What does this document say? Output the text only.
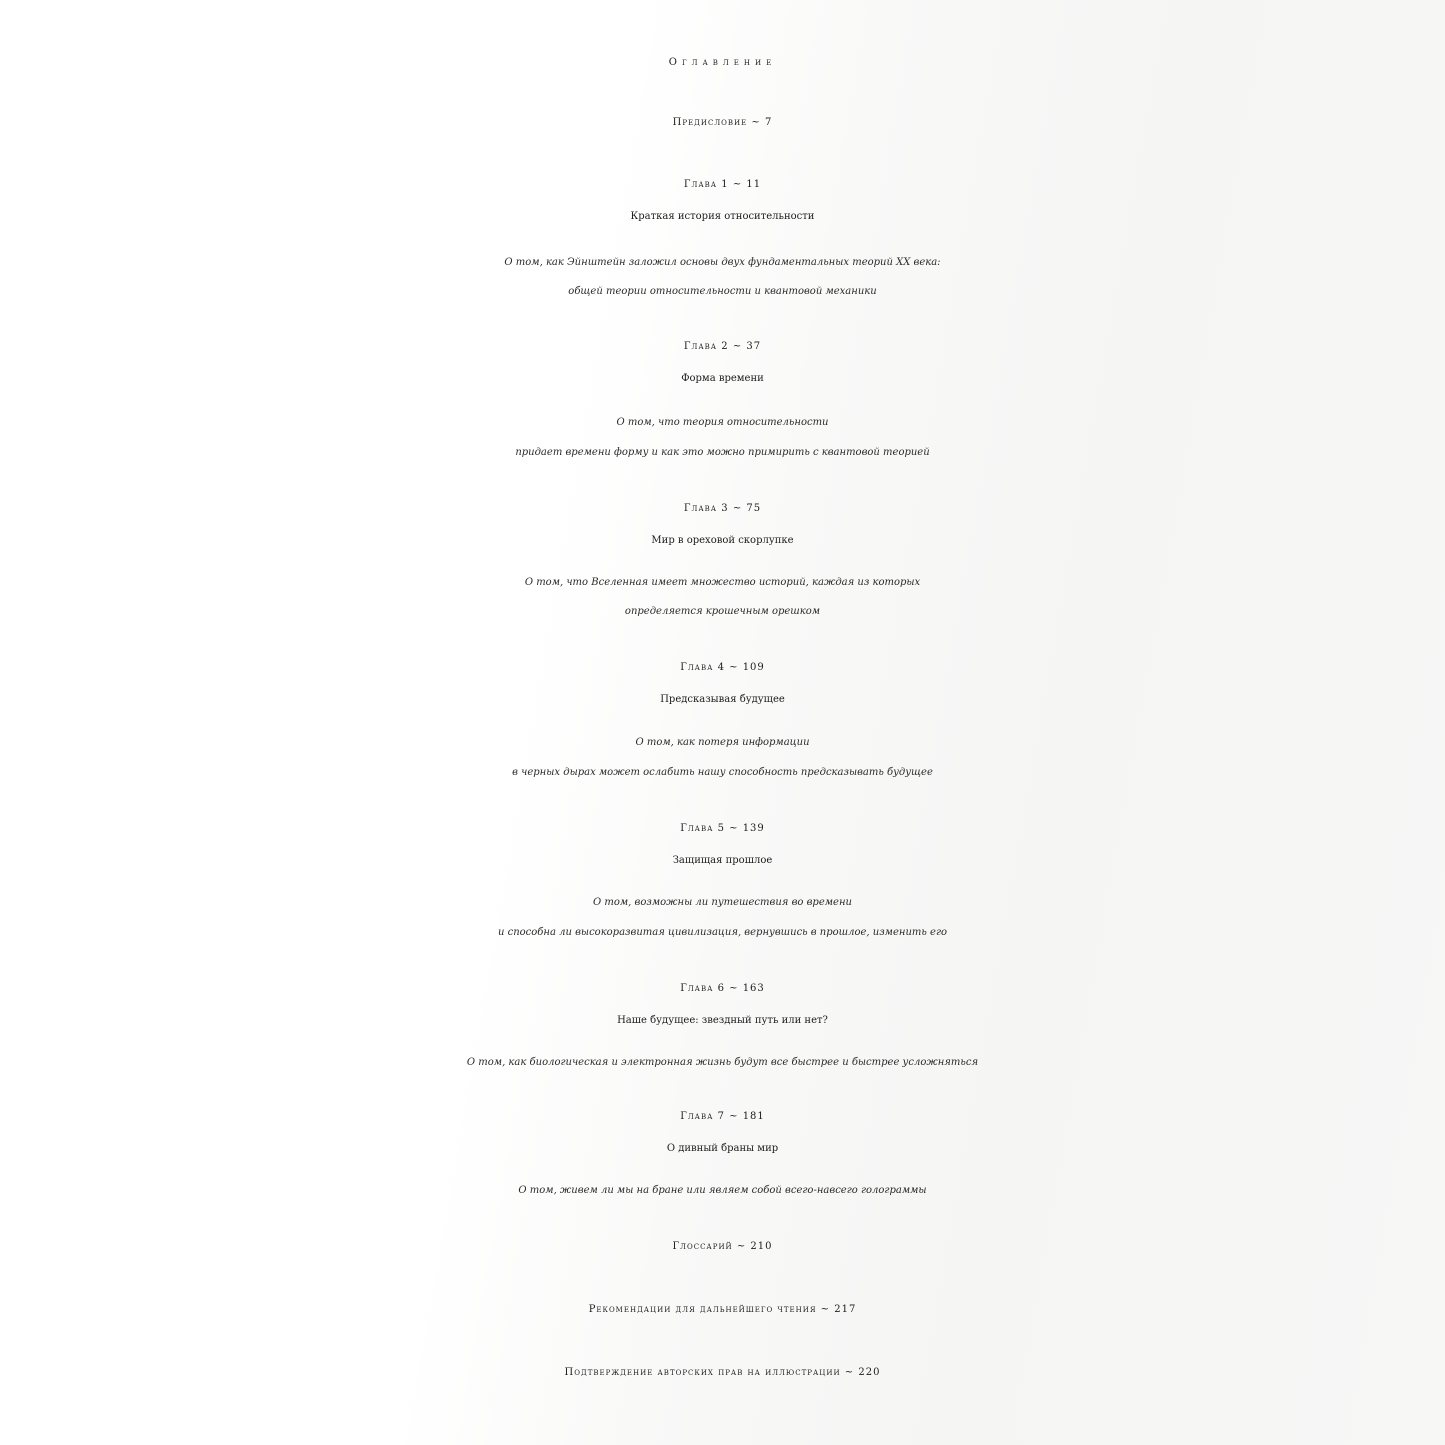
Оглавление
Предисловие ~ 7
Глава 1 ~ 11
Краткая история относительности
О том, как Эйнштейн заложил основы двух фундаментальных теорий XX века:
общей теории относительности и квантовой механики
Глава 2 ~ 37
Форма времени
О том, что теория относительности
придает времени форму и как это можно примирить с квантовой теорией
Глава 3 ~ 75
Мир в ореховой скорлупке
О том, что Вселенная имеет множество историй, каждая из которых
определяется крошечным орешком
Глава 4 ~ 109
Предсказывая будущее
О том, как потеря информации
в черных дырах может ослабить нашу способность предсказывать будущее
Глава 5 ~ 139
Защищая прошлое
О том, возможны ли путешествия во времени
и способна ли высокоразвитая цивилизация, вернувшись в прошлое, изменить его
Глава 6 ~ 163
Наше будущее: звездный путь или нет?
О том, как биологическая и электронная жизнь будут все быстрее и быстрее усложняться
Глава 7 ~ 181
О дивный браны мир
О том, живем ли мы на бране или являем собой всего-навсего голограммы
Глоссарий ~ 210
Рекомендации для дальнейшего чтения ~ 217
Подтверждение авторских прав на иллюстрации ~ 220
